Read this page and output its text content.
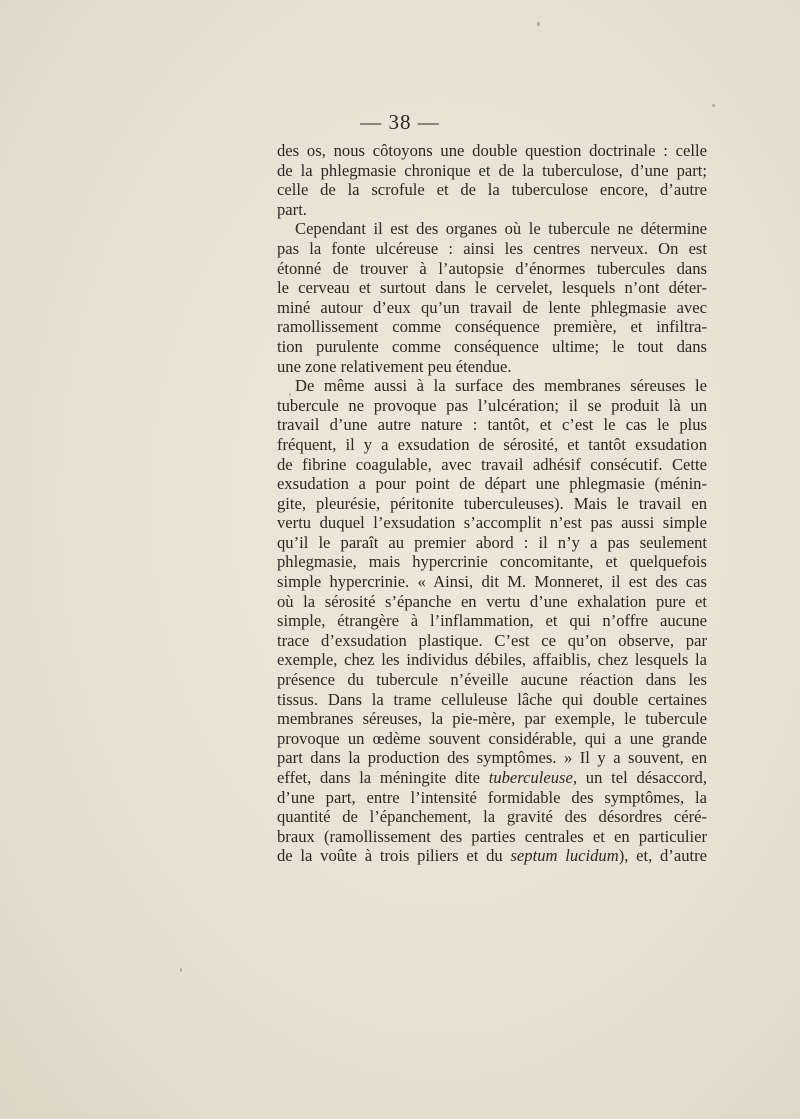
— 38 —
des os, nous côtoyons une double question doctrinale : celle
de la phlegmasie chronique et de la tuberculose, d’une part;
celle de la scrofule et de la tuberculose encore, d’autre
part.
Cependant il est des organes où le tubercule ne détermine
pas la fonte ulcéreuse : ainsi les centres nerveux. On est
étonné de trouver à l’autopsie d’énormes tubercules dans
le cerveau et surtout dans le cervelet, lesquels n’ont déter-
miné autour d’eux qu’un travail de lente phlegmasie avec
ramollissement comme conséquence première, et infiltra-
tion purulente comme conséquence ultime; le tout dans
une zone relativement peu étendue.
De même aussi à la surface des membranes séreuses le
tubercule ne provoque pas l’ulcération; il se produit là un
travail d’une autre nature : tantôt, et c’est le cas le plus
fréquent, il y a exsudation de sérosité, et tantôt exsudation
de fibrine coagulable, avec travail adhésif consécutif. Cette
exsudation a pour point de départ une phlegmasie (ménin-
gite, pleurésie, péritonite tuberculeuses). Mais le travail en
vertu duquel l’exsudation s’accomplit n’est pas aussi simple
qu’il le paraît au premier abord : il n’y a pas seulement
phlegmasie, mais hypercrinie concomitante, et quelquefois
simple hypercrinie. « Ainsi, dit M. Monneret, il est des cas
où la sérosité s’épanche en vertu d’une exhalation pure et
simple, étrangère à l’inflammation, et qui n’offre aucune
trace d’exsudation plastique. C’est ce qu’on observe, par
exemple, chez les individus débiles, affaiblis, chez lesquels la
présence du tubercule n’éveille aucune réaction dans les
tissus. Dans la trame celluleuse lâche qui double certaines
membranes séreuses, la pie-mère, par exemple, le tubercule
provoque un œdème souvent considérable, qui a une grande
part dans la production des symptômes. » Il y a souvent, en
effet, dans la méningite dite tuberculeuse, un tel désaccord,
d’une part, entre l’intensité formidable des symptômes, la
quantité de l’épanchement, la gravité des désordres céré-
braux (ramollissement des parties centrales et en particulier
de la voûte à trois piliers et du septum lucidum), et, d’autre
